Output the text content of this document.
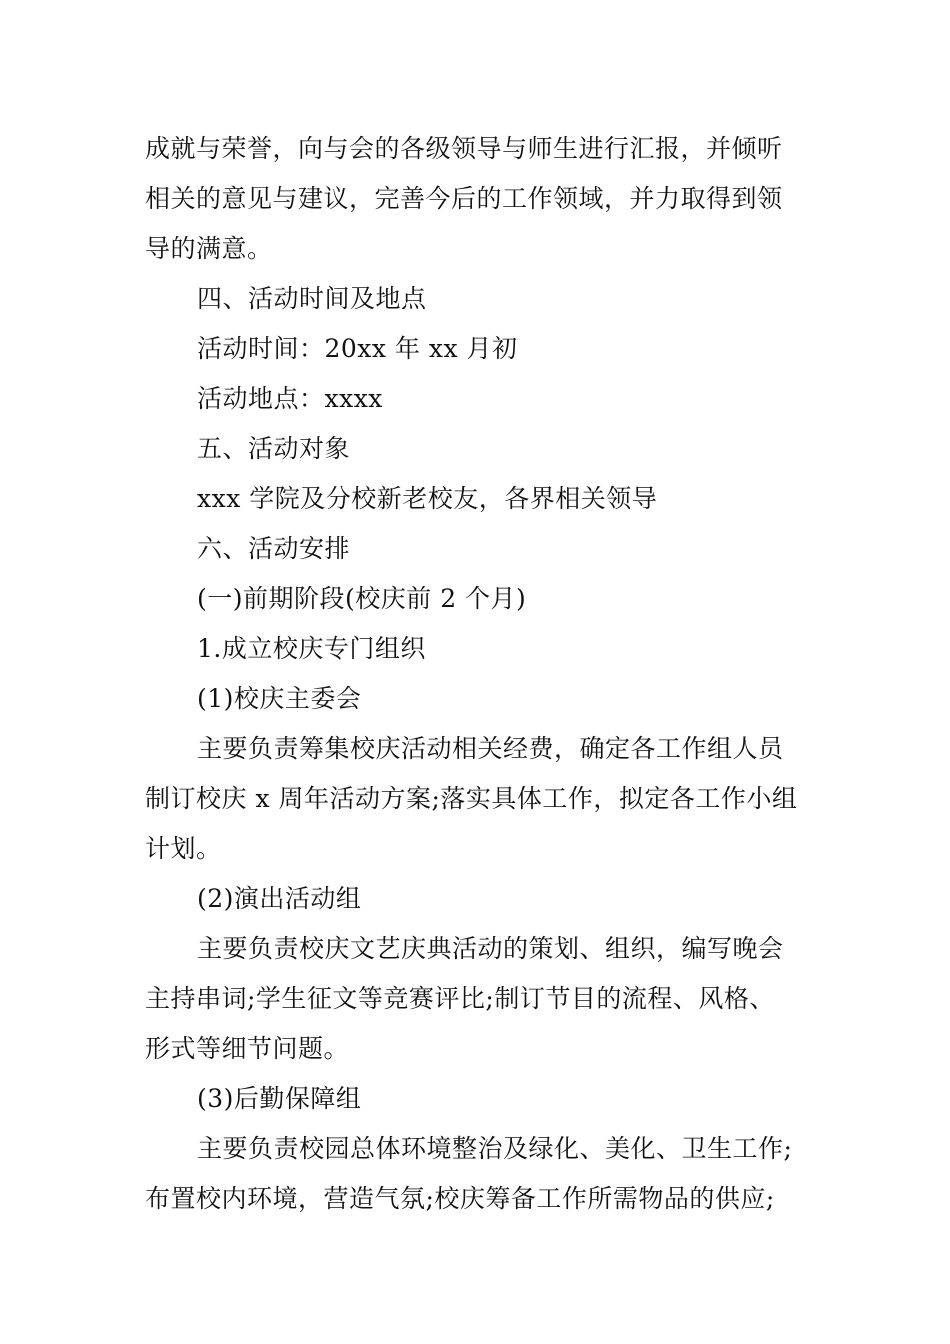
成就与荣誉，向与会的各级领导与师生进行汇报，并倾听

相关的意见与建议，完善今后的工作领域，并力取得到领

导的满意。

四、活动时间及地点

活动时间：20xx 年 xx 月初

活动地点：xxxx

五、活动对象

xxx 学院及分校新老校友，各界相关领导

六、活动安排

(一)前期阶段(校庆前 2 个月)

1.成立校庆专门组织

(1)校庆主委会

主要负责筹集校庆活动相关经费，确定各工作组人员

制订校庆 x 周年活动方案;落实具体工作，拟定各工作小组

计划。

(2)演出活动组

主要负责校庆文艺庆典活动的策划、组织，编写晚会

主持串词;学生征文等竞赛评比;制订节目的流程、风格、

形式等细节问题。

(3)后勤保障组

主要负责校园总体环境整治及绿化、美化、卫生工作;

布置校内环境，营造气氛;校庆筹备工作所需物品的供应;
